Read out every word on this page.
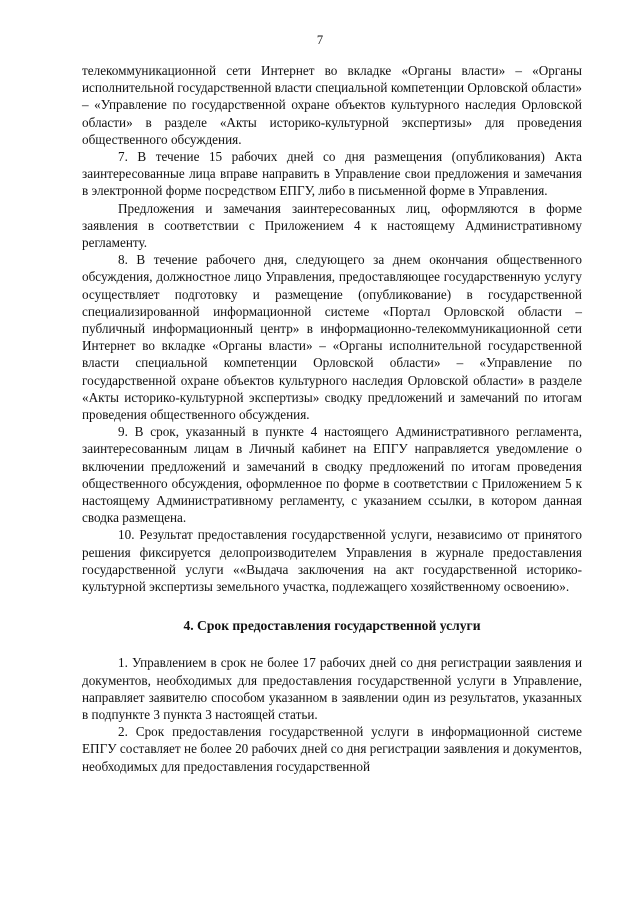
7

телекоммуникационной сети Интернет во вкладке «Органы власти» – «Органы исполнительной государственной власти специальной компетенции Орловской области» – «Управление по государственной охране объектов культурного наследия Орловской области» в разделе «Акты историко-культурной экспертизы» для проведения общественного обсуждения.

7. В течение 15 рабочих дней со дня размещения (опубликования) Акта заинтересованные лица вправе направить в Управление свои предложения и замечания в электронной форме посредством ЕПГУ, либо в письменной форме в Управления.

Предложения и замечания заинтересованных лиц, оформляются в форме заявления в соответствии с Приложением 4 к настоящему Административному регламенту.

8. В течение рабочего дня, следующего за днем окончания общественного обсуждения, должностное лицо Управления, предоставляющее государственную услугу осуществляет подготовку и размещение (опубликование) в государственной специализированной информационной системе «Портал Орловской области – публичный информационный центр» в информационно-телекоммуникационной сети Интернет во вкладке «Органы власти» – «Органы исполнительной государственной власти специальной компетенции Орловской области» – «Управление по государственной охране объектов культурного наследия Орловской области» в разделе «Акты историко-культурной экспертизы» сводку предложений и замечаний по итогам проведения общественного обсуждения.

9. В срок, указанный в пункте 4 настоящего Административного регламента, заинтересованным лицам в Личный кабинет на ЕПГУ направляется уведомление о включении предложений и замечаний в сводку предложений по итогам проведения общественного обсуждения, оформленное по форме в соответствии с Приложением 5 к настоящему Административному регламенту, с указанием ссылки, в котором данная сводка размещена.

10. Результат предоставления государственной услуги, независимо от принятого решения фиксируется делопроизводителем Управления в журнале предоставления государственной услуги ««Выдача заключения на акт государственной историко-культурной экспертизы земельного участка, подлежащего хозяйственному освоению».

4. Срок предоставления государственной услуги

1. Управлением в срок не более 17 рабочих дней со дня регистрации заявления и документов, необходимых для предоставления государственной услуги в Управление, направляет заявителю способом указанном в заявлении один из результатов, указанных в подпункте 3 пункта 3 настоящей статьи.

2. Срок предоставления государственной услуги в информационной системе ЕПГУ составляет не более 20 рабочих дней со дня регистрации заявления и документов, необходимых для предоставления государственной
